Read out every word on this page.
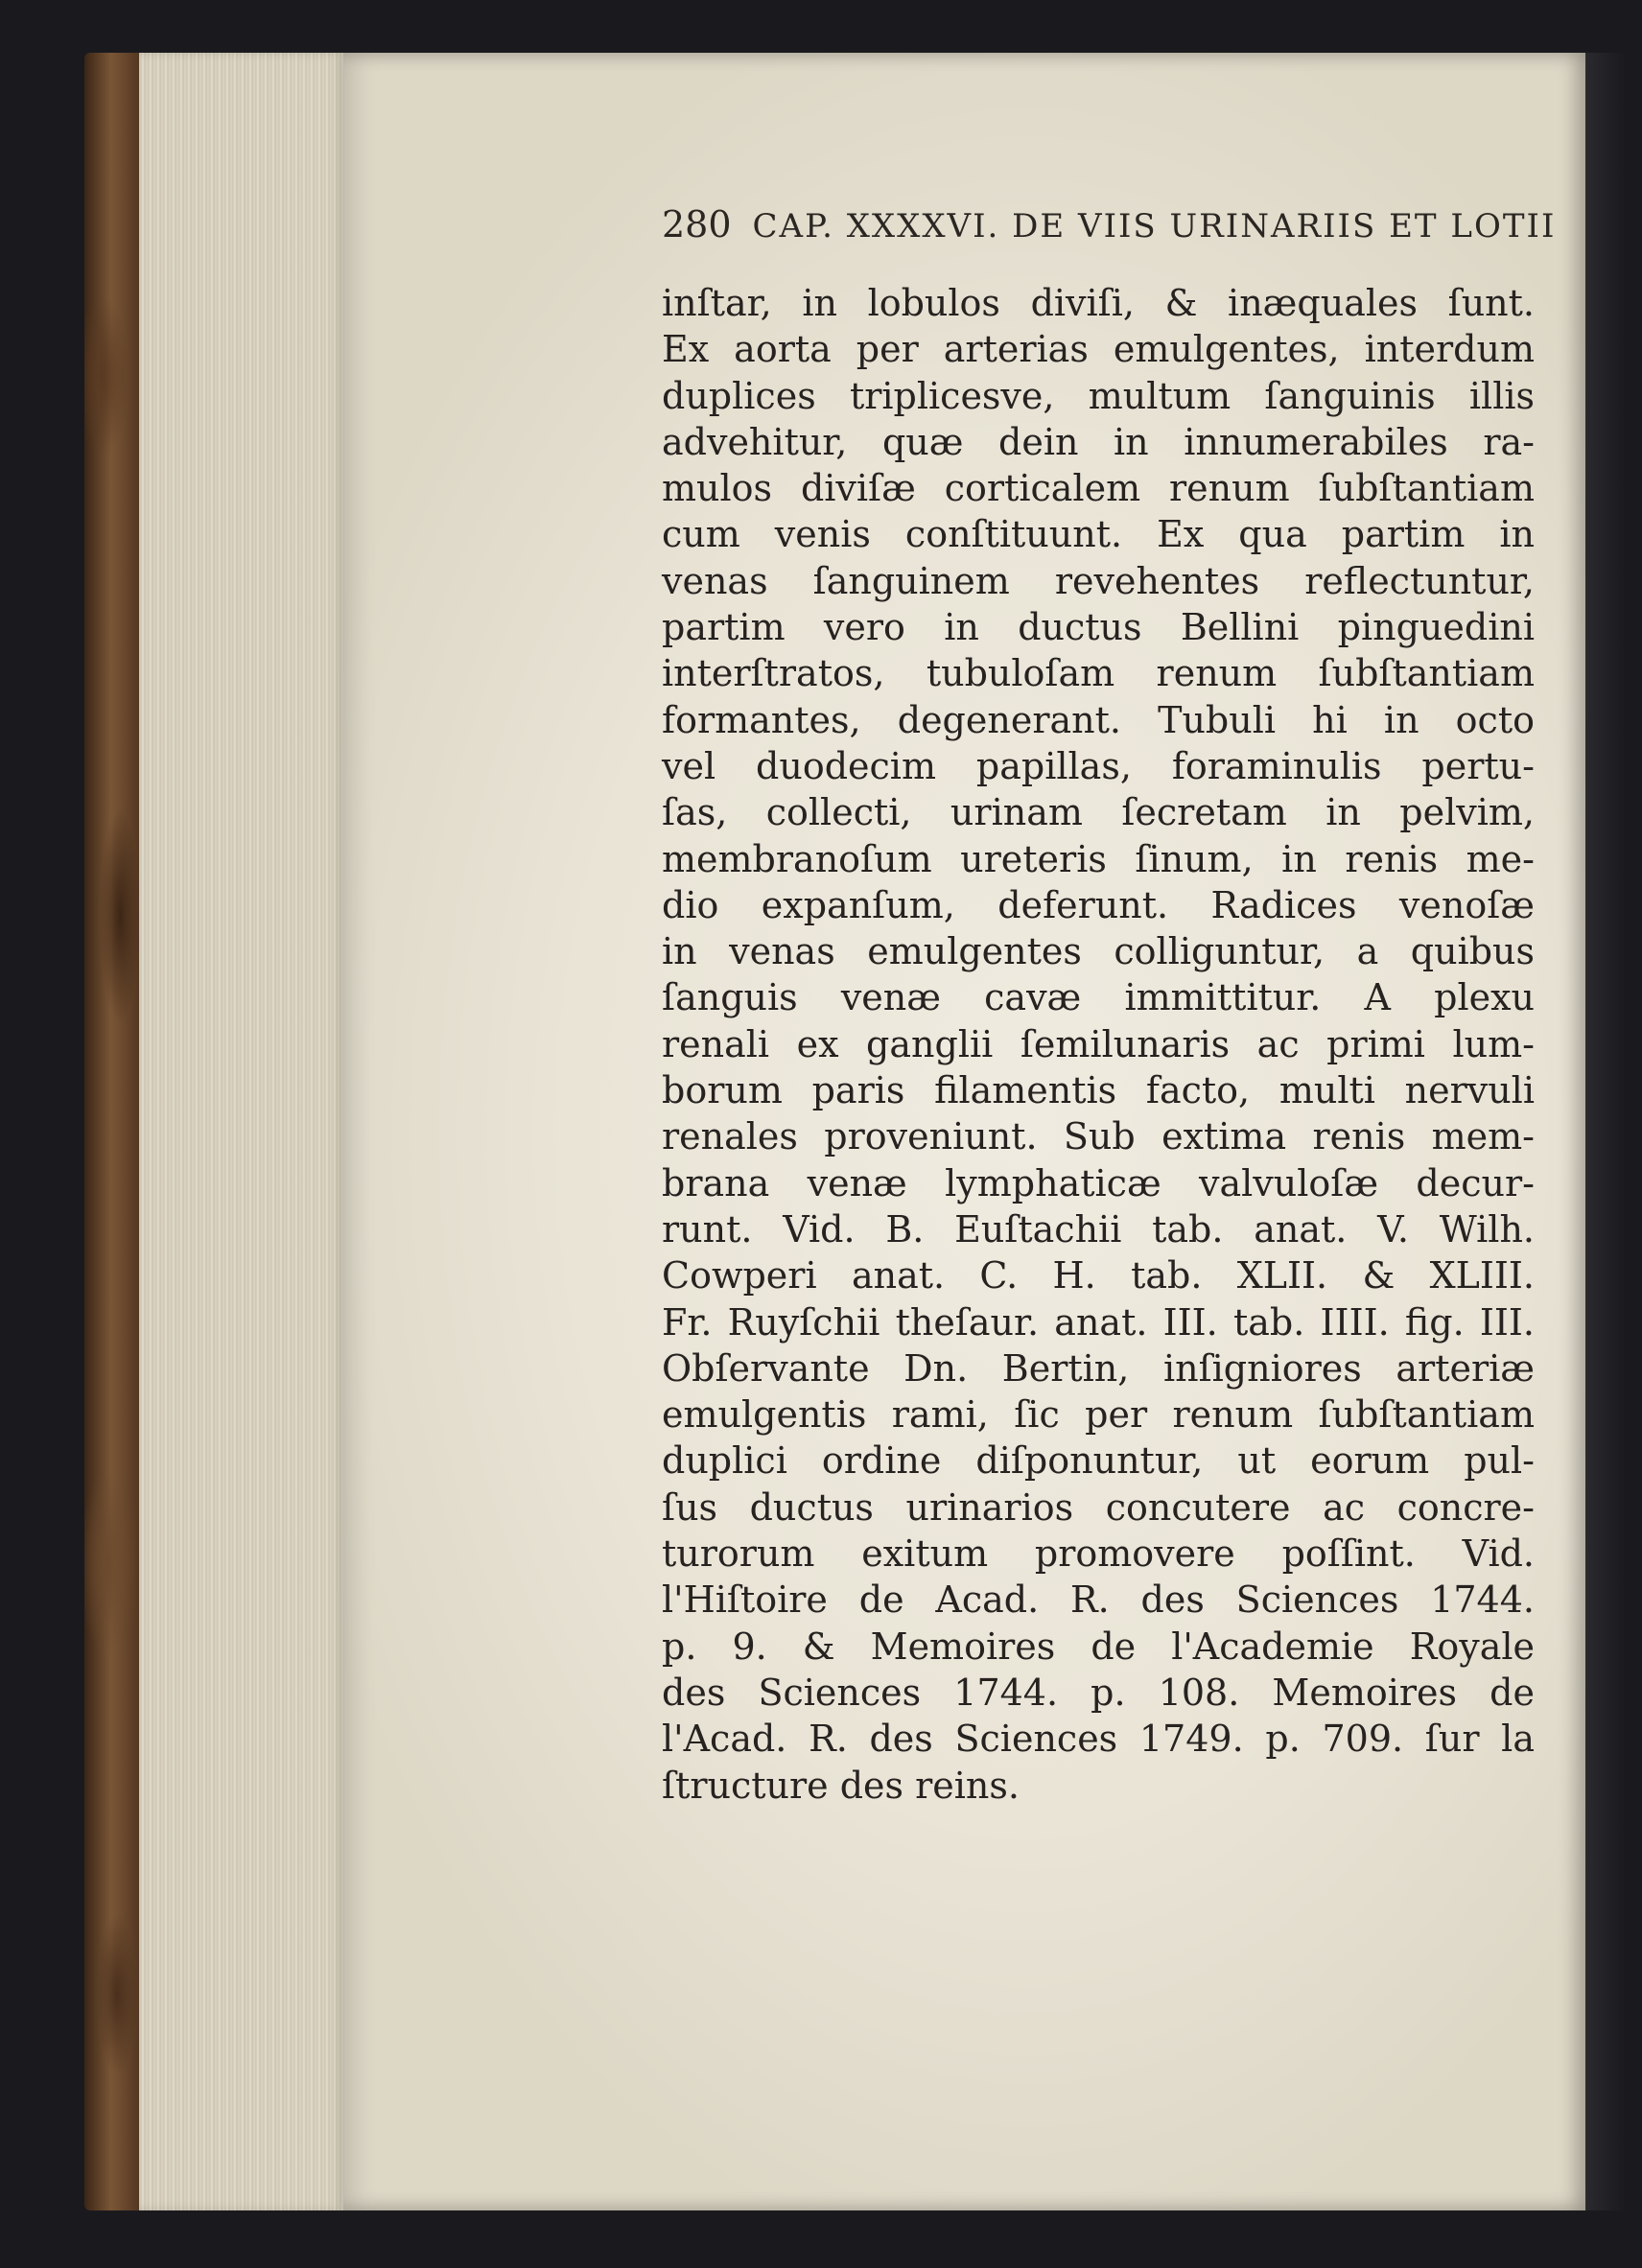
280 CAP. XXXXVI. DE VIIS URINARIIS ET LOTII
inſtar, in lobulos diviſi, & inæquales ſunt.
Ex aorta per arterias emulgentes, interdum
duplices triplicesve, multum ſanguinis illis
advehitur, quæ dein in innumerabiles ra-
mulos diviſæ corticalem renum ſubſtantiam
cum venis conſtituunt. Ex qua partim in
venas ſanguinem revehentes reflectuntur,
partim vero in ductus Bellini pinguedini
interſtratos, tubuloſam renum ſubſtantiam
formantes, degenerant. Tubuli hi in octo
vel duodecim papillas, foraminulis pertu-
ſas, collecti, urinam ſecretam in pelvim,
membranoſum ureteris ſinum, in renis me-
dio expanſum, deferunt. Radices venoſæ
in venas emulgentes colliguntur, a quibus
ſanguis venæ cavæ immittitur. A plexu
renali ex ganglii ſemilunaris ac primi lum-
borum paris filamentis facto, multi nervuli
renales proveniunt. Sub extima renis mem-
brana venæ lymphaticæ valvuloſæ decur-
runt. Vid. B. Euſtachii tab. anat. V. Wilh.
Cowperi anat. C. H. tab. XLII. & XLIII.
Fr. Ruyſchii theſaur. anat. III. tab. IIII. fig. III.
Obſervante Dn. Bertin, inſigniores arteriæ
emulgentis rami, ſic per renum ſubſtantiam
duplici ordine diſponuntur, ut eorum pul-
ſus ductus urinarios concutere ac concre-
turorum exitum promovere poſſint. Vid.
l'Hiſtoire de Acad. R. des Sciences 1744.
p. 9. & Memoires de l'Academie Royale
des Sciences 1744. p. 108. Memoires de
l'Acad. R. des Sciences 1749. p. 709. ſur la
ſtructure des reins.
